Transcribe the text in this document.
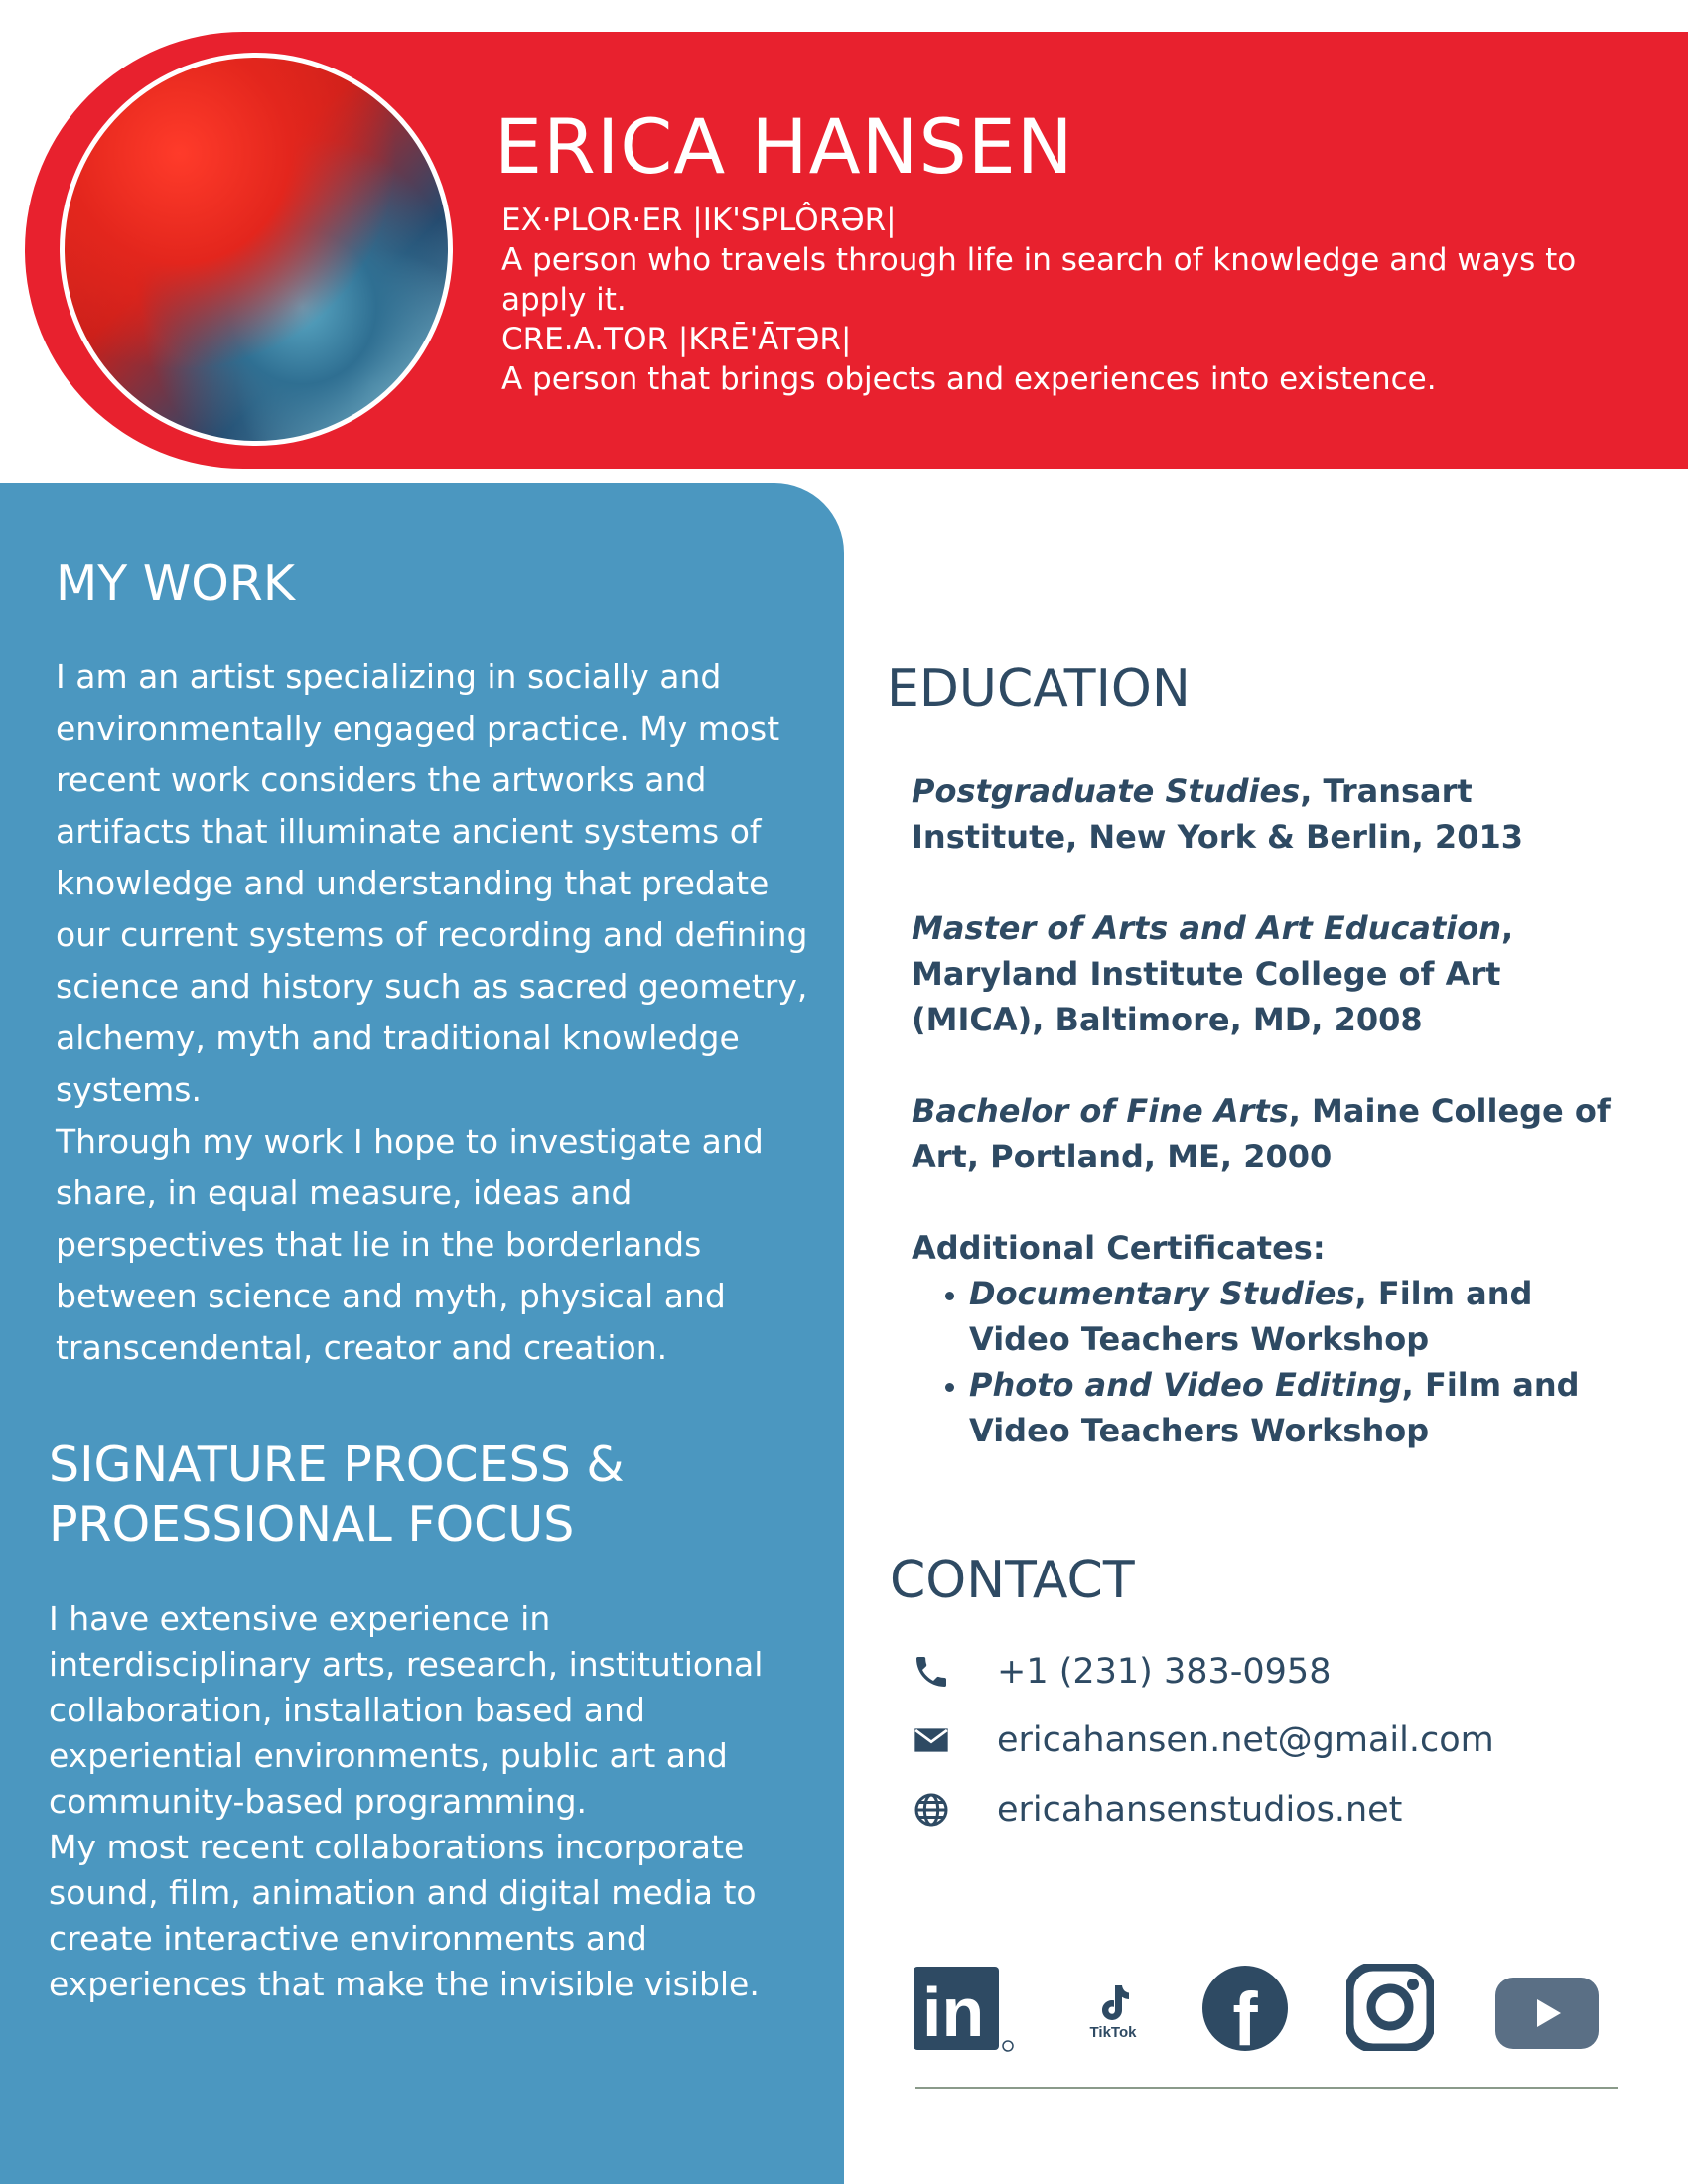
ERICA HANSEN
EX·PLOR·ER |IK'SPLÔRƏR|
A person who travels through life in search of knowledge and ways to apply it.
CRE.A.TOR |KRĒ'ĀTƏR|
A person that brings objects and experiences into existence.
MY WORK

I am an artist specializing in socially and environmentally engaged practice. My most recent work considers the artworks and artifacts that illuminate ancient systems of knowledge and understanding that predate our current systems of recording and defining science and history such as sacred geometry, alchemy, myth and traditional knowledge systems.

Through my work I hope to investigate and share, in equal measure, ideas and perspectives that lie in the borderlands between science and myth, physical and transcendental, creator and creation.

SIGNATURE PROCESS & PROESSIONAL FOCUS

I have extensive experience in interdisciplinary arts, research, institutional collaboration, installation based and experiential environments, public art and community-based programming.

My most recent collaborations incorporate sound, film, animation and digital media to create interactive environments and experiences that make the invisible visible.

EDUCATION

Postgraduate Studies, Transart Institute, New York & Berlin, 2013

Master of Arts and Art Education, Maryland Institute College of Art (MICA), Baltimore, MD, 2008

Bachelor of Fine Arts, Maine College of Art, Portland, ME, 2000

Additional Certificates:
• Documentary Studies, Film and Video Teachers Workshop
• Photo and Video Editing, Film and Video Teachers Workshop
CONTACT
+1 (231) 383-0958
ericahansen.net@gmail.com
ericahansenstudios.net
in	TikTok f
